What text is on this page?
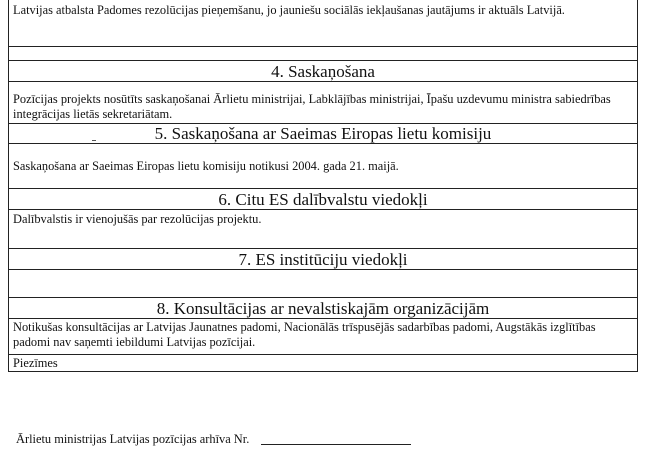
Latvijas atbalsta Padomes rezolūcijas pieņemšanu, jo jauniešu sociālās iekļaušanas jautājums ir aktuāls Latvijā.
4. Saskaņošana
Pozīcijas projekts nosūtīts saskaņošanai Ārlietu ministrijai, Labklājības ministrijai, Īpašu uzdevumu ministra sabiedrības integrācijas lietās sekretariātam.
5. Saskaņošana ar Saeimas Eiropas lietu komisiju
Saskaņošana ar Saeimas Eiropas lietu komisiju notikusi 2004. gada 21. maijā.
6. Citu ES dalībvalstu viedokļi
Dalībvalstis ir vienojušās par rezolūcijas projektu.
7. ES institūciju viedokļi
8. Konsultācijas ar nevalstiskajām organizācijām
Notikušas konsultācijas ar Latvijas Jaunatnes padomi, Nacionālās trīspusējās sadarbības padomi, Augstākās izglītības padomi nav saņemti iebildumi Latvijas pozīcijai.
Piezīmes
Ārlietu ministrijas Latvijas pozīcijas arhīva Nr.
